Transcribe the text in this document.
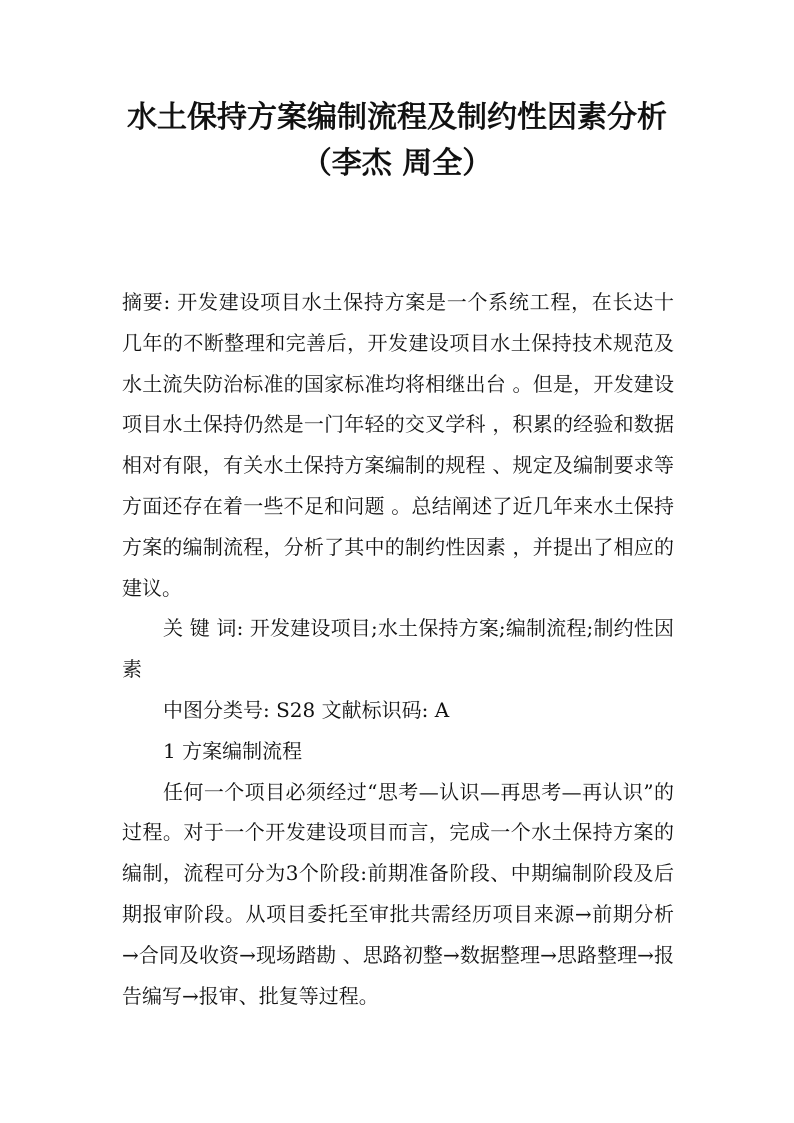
水土保持方案编制流程及制约性因素分析
（李杰 周全）

摘要: 开发建设项目水土保持方案是一个系统工程，在长达十几年的不断整理和完善后，开发建设项目水土保持技术规范及水土流失防治标准的国家标准均将相继出台 。但是，开发建设项目水土保持仍然是一门年轻的交叉学科 ，积累的经验和数据相对有限，有关水土保持方案编制的规程 、规定及编制要求等方面还存在着一些不足和问题 。总结阐述了近几年来水土保持方案的编制流程，分析了其中的制约性因素 ，并提出了相应的建议。

关 键 词: 开发建设项目;水土保持方案;编制流程;制约性因素

中图分类号: S28 文献标识码: A

1 方案编制流程

任何一个项目必须经过“思考—认识—再思考—再认识”的过程。对于一个开发建设项目而言，完成一个水土保持方案的编制，流程可分为3个阶段:前期准备阶段、中期编制阶段及后期报审阶段。从项目委托至审批共需经历项目来源→前期分析→合同及收资→现场踏勘 、思路初整→数据整理→思路整理→报告编写→报审、批复等过程。
